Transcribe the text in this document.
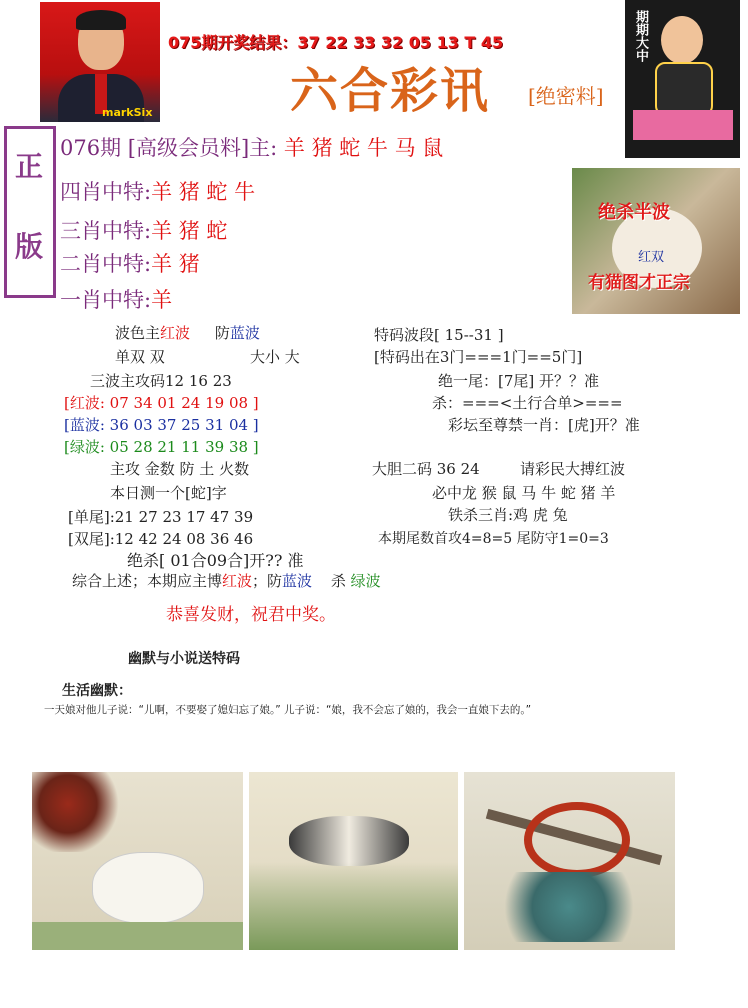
markSix
075期开奖结果：37 22 33 32 05 13 T 45
六合彩讯 [绝密料]
期期大中
正
版
076期 [高级会员料]主: 羊 猪 蛇 牛 马 鼠
四肖中特:羊 猪 蛇 牛
三肖中特:羊 猪 蛇
二肖中特:羊 猪
一肖中特:羊
绝杀半波
红双
有猫图才正宗
波色主红波 防蓝波
单双 双	大小 大
三波主攻码12 16 23
[红波: 07 34 01 24 19 08 ]
[蓝波: 36 03 37 25 31 04 ]
[绿波: 05 28 21 11 39 38 ]
主攻 金数 防 土 火数
本日测一个[蛇]字
[单尾]:21 27 23 17 47 39
[双尾]:12 42 24 08 36 46
绝杀[ 01合09合]开?? 准
特码波段[ 15--31 ]
[特码出在3门===1门==5门]
绝一尾：[7尾] 开？？准
杀：===<土行合单>===
彩坛至尊禁一肖：[虎]开？准
大胆二码 36 24	请彩民大搏红波
必中龙 猴 鼠 马 牛 蛇 猪 羊
铁杀三肖:鸡 虎 兔
本期尾数首攻4=8=5 尾防守1=0=3
综合上述；本期应主博红波；防蓝波 杀 绿波
恭喜发财，祝君中奖。
幽默与小说送特码
生活幽默：
一天娘对他儿子说：“儿啊，不要娶了媳妇忘了娘。” 儿子说：“娘，我不会忘了娘的，我会一直娘下去的。”
